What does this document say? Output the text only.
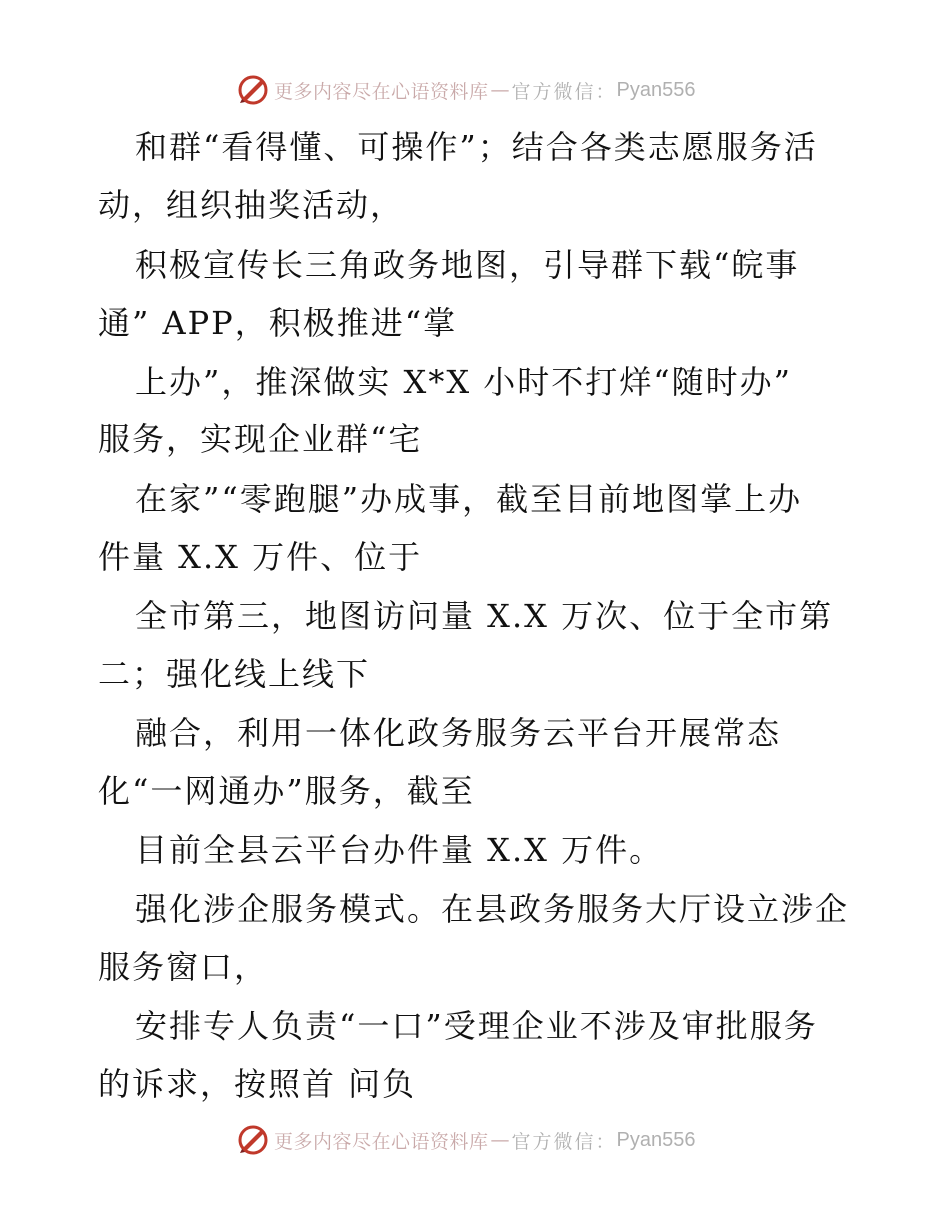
更多内容尽在心语资料库 — 官方微信： Pyan556
和群“看得懂、可操作”；结合各类志愿服务活
动，组织抽奖活动，
积极宣传长三角政务地图，引导群下载“皖事
通” APP，积极推进“掌
上办”，推深做实 X*X 小时不打烊“随时办”
服务，实现企业群“宅
在家”“零跑腿”办成事，截至目前地图掌上办
件量 X.X 万件、位于
全市第三，地图访问量 X.X 万次、位于全市第
二；强化线上线下
融合，利用一体化政务服务云平台开展常态
化“一网通办”服务，截至
目前全县云平台办件量 X.X 万件。
强化涉企服务模式。在县政务服务大厅设立涉企
服务窗口，
安排专人负责“一口”受理企业不涉及审批服务
的诉求，按照首 问负
更多内容尽在心语资料库 — 官方微信： Pyan556
